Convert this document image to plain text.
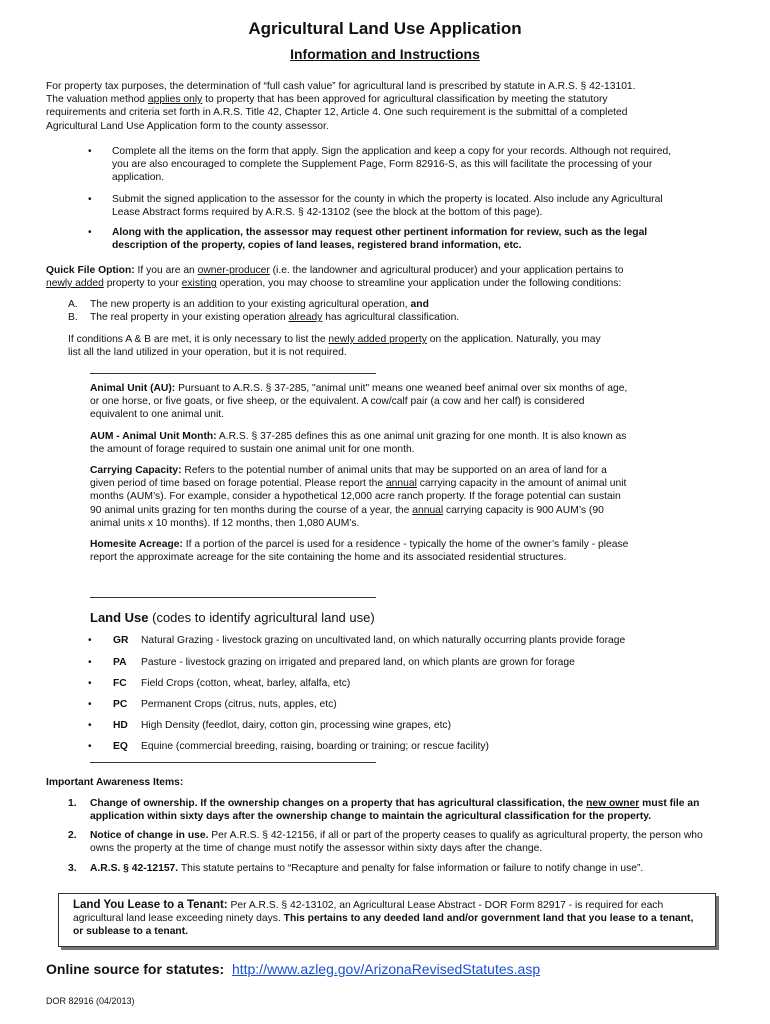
Agricultural Land Use Application
Information and Instructions

For property tax purposes, the determination of “full cash value” for agricultural land is prescribed by statute in A.R.S. § 42-13101.

The valuation method applies only to property that has been approved for agricultural classification by meeting the statutory

requirements and criteria set forth in A.R.S. Title 42, Chapter 12, Article 4. One such requirement is the submittal of a completed

Agricultural Land Use Application form to the county assessor.

•	Complete all the items on the form that apply. Sign the application and keep a copy for your records. Although not required, you are also encouraged to complete the Supplement Page, Form 82916-S, as this will facilitate the processing of your application.
•	Submit the signed application to the assessor for the county in which the property is located. Also include any Agricultural Lease Abstract forms required by A.R.S. § 42-13102 (see the block at the bottom of this page).
•	Along with the application, the assessor may request other pertinent information for review, such as the legal description of the property, copies of land leases, registered brand information, etc.

Quick File Option: If you are an owner-producer (i.e. the landowner and agricultural producer) and your application pertains to

newly added property to your existing operation, you may choose to streamline your application under the following conditions:

A. The new property is an addition to your existing agricultural operation, and

B. The real property in your existing operation already has agricultural classification.

If conditions A & B are met, it is only necessary to list the newly added property on the application. Naturally, you may

list all the land utilized in your operation, but it is not required.

Animal Unit (AU): Pursuant to A.R.S. § 37-285, "animal unit" means one weaned beef animal over six months of age, or one horse, or five goats, or five sheep, or the equivalent. A cow/calf pair (a cow and her calf) is considered equivalent to one animal unit.

AUM - Animal Unit Month: A.R.S. § 37-285 defines this as one animal unit grazing for one month. It is also known as the amount of forage required to sustain one animal unit for one month.

Carrying Capacity: Refers to the potential number of animal units that may be supported on an area of land for a given period of time based on forage potential. Please report the annual carrying capacity in the amount of animal unit months (AUM’s). For example, consider a hypothetical 12,000 acre ranch property. If the forage potential can sustain 90 animal units grazing for ten months during the course of a year, the annual carrying capacity is 900 AUM’s (90 animal units x 10 months). If 12 months, then 1,080 AUM’s.

Homesite Acreage: If a portion of the parcel is used for a residence - typically the home of the owner’s family - please report the approximate acreage for the site containing the home and its associated residential structures.

Land Use (codes to identify agricultural land use)
• GR Natural Grazing - livestock grazing on uncultivated land, on which naturally occurring plants provide forage
• PA Pasture - livestock grazing on irrigated and prepared land, on which plants are grown for forage
• FC Field Crops (cotton, wheat, barley, alfalfa, etc)
• PC Permanent Crops (citrus, nuts, apples, etc)
• HD High Density (feedlot, dairy, cotton gin, processing wine grapes, etc)
• EQ Equine (commercial breeding, raising, boarding or training; or rescue facility)
Important Awareness Items:
1.	Change of ownership. If the ownership changes on a property that has agricultural classification, the new owner must file an application within sixty days after the ownership change to maintain the agricultural classification for the property.
2.	Notice of change in use. Per A.R.S. § 42-12156, if all or part of the property ceases to qualify as agricultural property, the person who owns the property at the time of change must notify the assessor within sixty days after the change.
3.	A.R.S. § 42-12157. This statute pertains to “Recapture and penalty for false information or failure to notify change in use”.
Land You Lease to a Tenant: Per A.R.S. § 42-13102, an Agricultural Lease Abstract - DOR Form 82917 - is required for each agricultural land lease exceeding ninety days. This pertains to any deeded land and/or government land that you lease to a tenant, or sublease to a tenant.
Online source for statutes: http://www.azleg.gov/ArizonaRevisedStatutes.asp
DOR 82916 (04/2013)
